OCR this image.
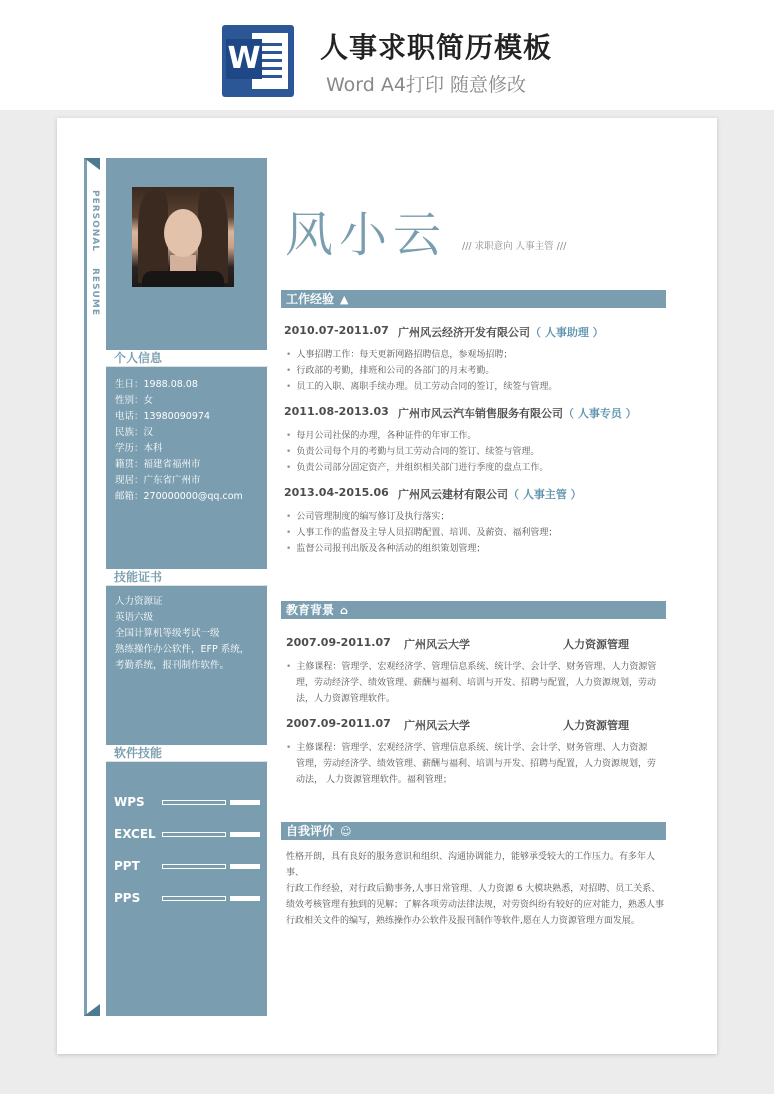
W 人事求职简历模板
Word A4打印 随意修改
PERSONAL
RESUME
个人信息
生日：1988.08.08
性别：女
电话：13980090974
民族：汉
学历：本科
籍贯：福建省福州市
现居：广东省广州市
邮箱：270000000@qq.com
技能证书
人力资源证
英语六级
全国计算机等级考试一级
熟练操作办公软件，EFP 系统，
考勤系统，报刊制作软件。
软件技能
WPS
EXCEL
PPT
PPS
风小云 /// 求职意向 人事主管 ///
工作经验 ▲
2010.07-2011.07 广州风云经济开发有限公司（ 人事助理 ）
• 人事招聘工作：每天更新网路招聘信息，参观场招聘；
• 行政部的考勤，排班和公司的各部门的月末考勤。
• 员工的入职、离职手续办理。员工劳动合同的签订，续签与管理。
2011.08-2013.03 广州市风云汽车销售服务有限公司（ 人事专员 ）
• 每月公司社保的办理，各种证件的年审工作。
• 负责公司每个月的考勤与员工劳动合同的签订、续签与管理。
• 负责公司部分固定资产，并组织相关部门进行季度的盘点工作。
2013.04-2015.06 广州风云建材有限公司（ 人事主管 ）
• 公司管理制度的编写修订及执行落实；
• 人事工作的监督及主导人员招聘配置、培训、及薪资、福利管理；
• 监督公司报刊出版及各种活动的组织策划管理；
教育背景 ⌂
2007.09-2011.07 广州风云大学	人力资源管理
• 主修课程：管理学、宏观经济学、管理信息系统、统计学、会计学、财务管理、人力资源管
理，劳动经济学、绩效管理、薪酬与福利、培训与开发、招聘与配置，人力资源规划，劳动
法，人力资源管理软件。
2007.09-2011.07 广州风云大学	人力资源管理
• 主修课程：管理学、宏观经济学、管理信息系统、统计学、会计学、财务管理、人力资源
管理，劳动经济学、绩效管理、薪酬与福利、培训与开发、招聘与配置，人力资源规划，劳
动法， 人力资源管理软件。福利管理；
自我评价 ☺
性格开朗，具有良好的服务意识和组织、沟通协调能力，能够承受较大的工作压力。有多年人事、
行政工作经验，对行政后勤事务,人事日常管理、人力资源 6 大模块熟悉，对招聘、员工关系、
绩效考核管理有独到的见解；了解各项劳动法律法规，对劳资纠纷有较好的应对能力，熟悉人事
行政相关文件的编写，熟练操作办公软件及报刊制作等软件,愿在人力资源管理方面发展。
